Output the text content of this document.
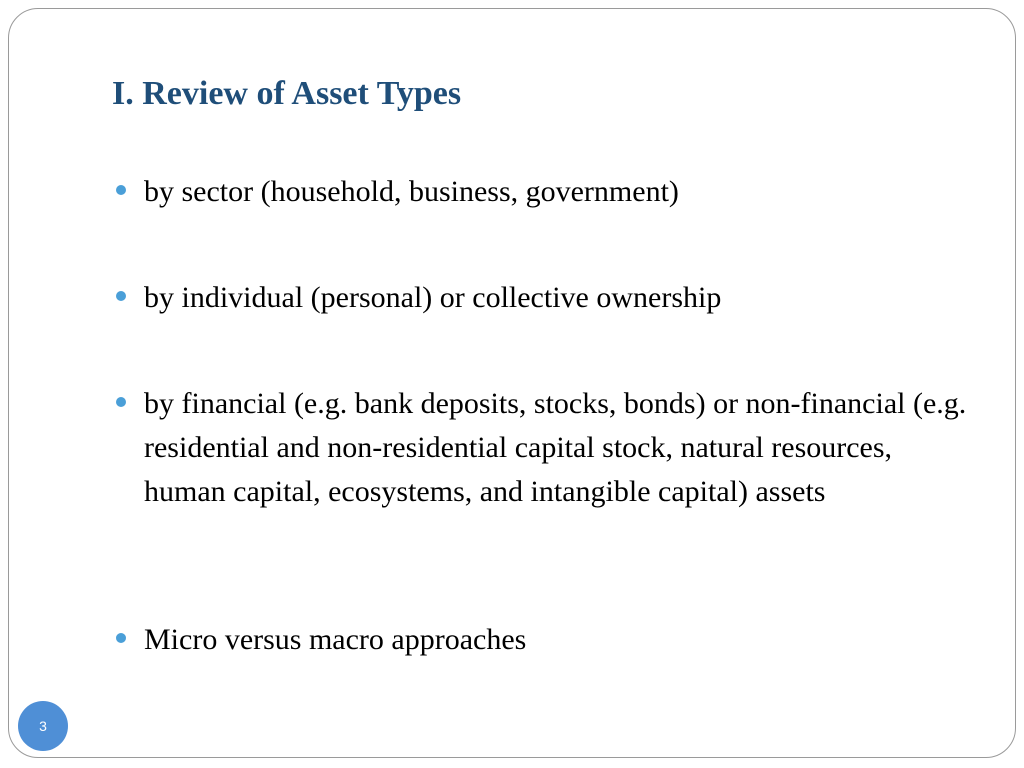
I. Review of Asset Types
by sector (household, business, government)
by individual (personal) or collective ownership
by financial (e.g. bank deposits, stocks, bonds) or non-financial (e.g. residential and non-residential capital stock, natural resources, human capital, ecosystems, and intangible capital) assets
Micro versus macro approaches
3
